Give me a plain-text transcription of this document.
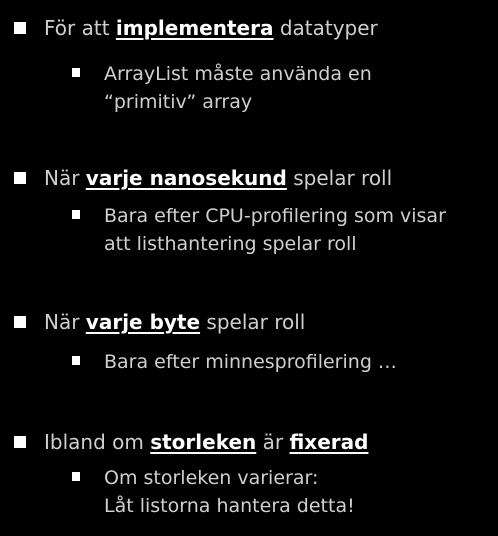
För att implementera datatyper
ArrayList måste använda en
“primitiv” array
När varje nanosekund spelar roll
Bara efter CPU-profilering som visar
att listhantering spelar roll
När varje byte spelar roll
Bara efter minnesprofilering …
Ibland om storleken är fixerad
Om storleken varierar:
Låt listorna hantera detta!
